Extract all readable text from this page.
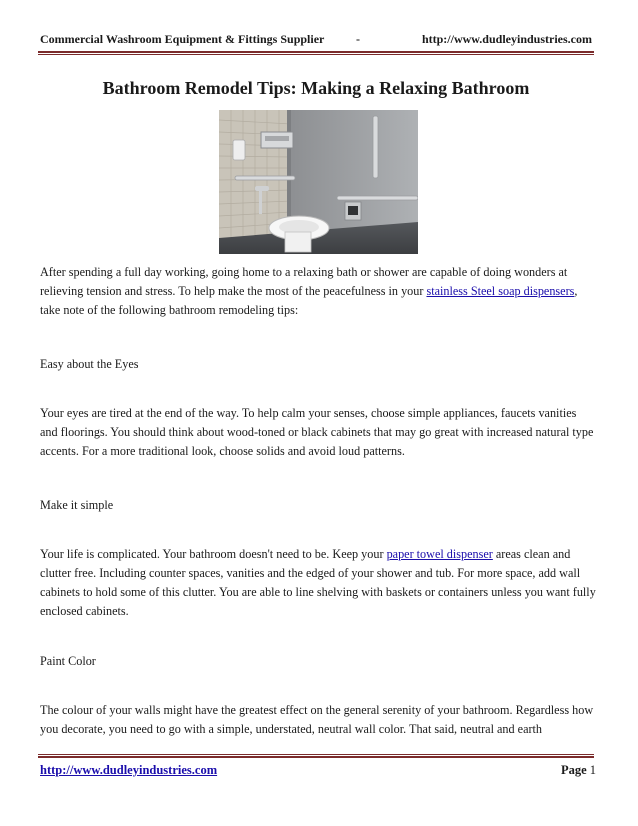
Commercial Washroom Equipment & Fittings Supplier	-	http://www.dudleyindustries.com
Bathroom Remodel Tips: Making a Relaxing Bathroom

After spending a full day working, going home to a relaxing bath or shower are capable of doing wonders at relieving tension and stress. To help make the most of the peacefulness in your stainless Steel soap dispensers, take note of the following bathroom remodeling tips:

Easy about the Eyes

Your eyes are tired at the end of the way. To help calm your senses, choose simple appliances, faucets vanities and floorings. You should think about wood-toned or black cabinets that may go great with increased natural type accents. For a more traditional look, choose solids and avoid loud patterns.

Make it simple

Your life is complicated. Your bathroom doesn't need to be. Keep your paper towel dispenser areas clean and clutter free. Including counter spaces, vanities and the edged of your shower and tub. For more space, add wall cabinets to hold some of this clutter. You are able to line shelving with baskets or containers unless you want fully enclosed cabinets.

Paint Color

The colour of your walls might have the greatest effect on the general serenity of your bathroom. Regardless how you decorate, you need to go with a simple, understated, neutral wall color. That said, neutral and earth

http://www.dudleyindustries.com	Page 1
